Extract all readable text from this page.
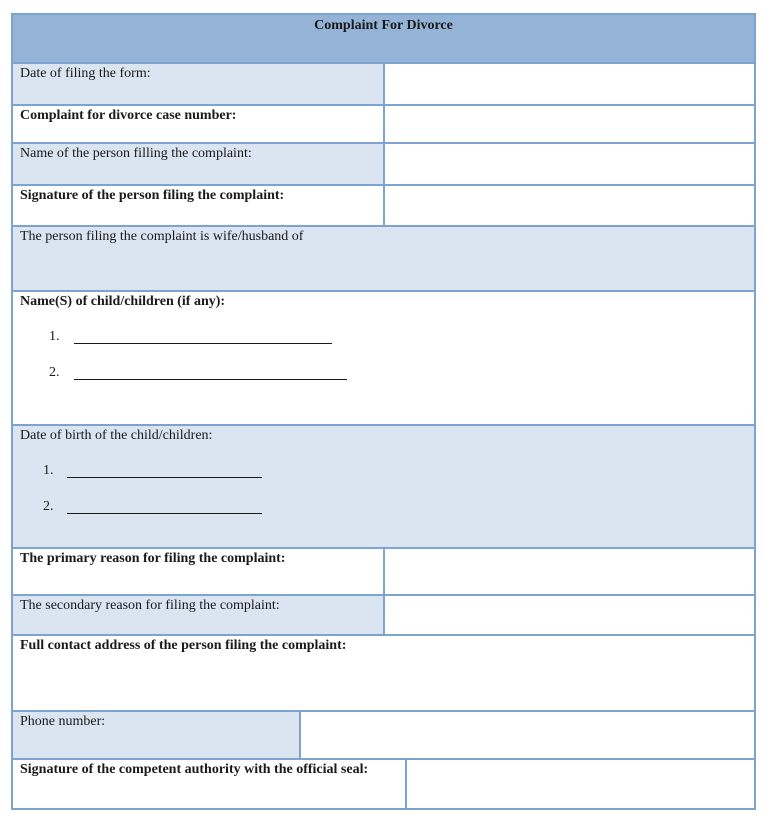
Complaint For Divorce
Date of filing the form:
Complaint for divorce case number:
Name of the person filling the complaint:
Signature of the person filing the complaint:
The person filing the complaint is wife/husband of
Name(S) of child/children (if any):
1.
2.
Date of birth of the child/children:
1.
2.
The primary reason for filing the complaint:
The secondary reason for filing the complaint:
Full contact address of the person filing the complaint:
Phone number:
Signature of the competent authority with the official seal:
